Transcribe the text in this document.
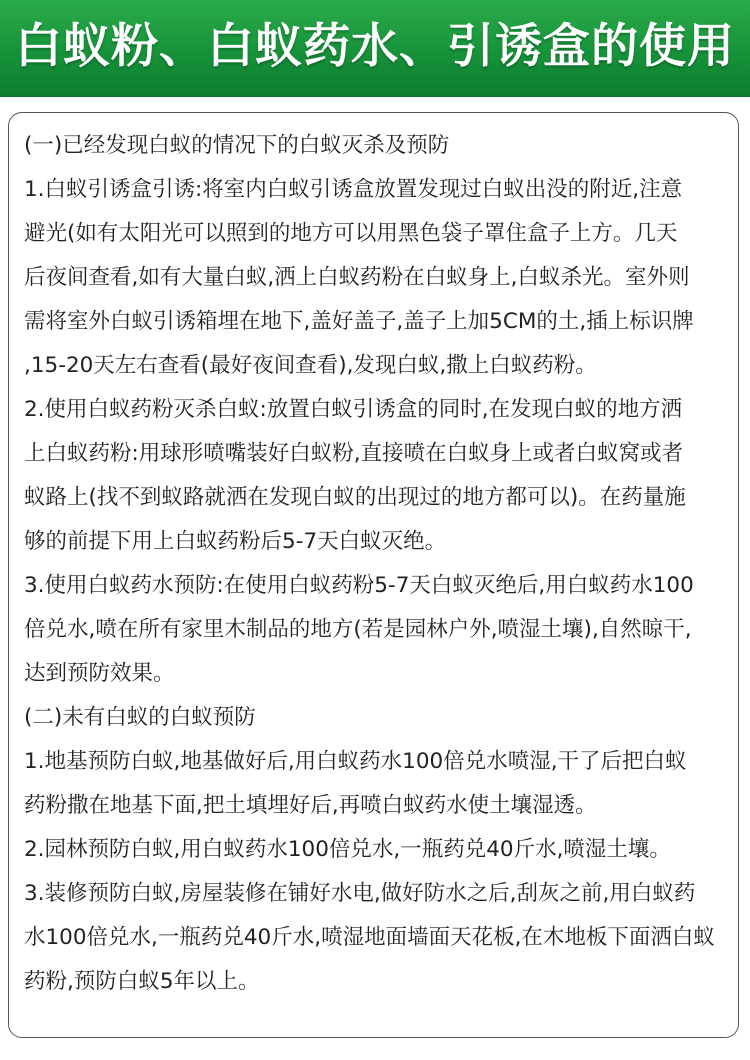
白蚁粉、白蚁药水、引诱盒的使用
(一)已经发现白蚁的情况下的白蚁灭杀及预防
1.白蚁引诱盒引诱:将室内白蚁引诱盒放置发现过白蚁出没的附近,注意
避光(如有太阳光可以照到的地方可以用黑色袋子罩住盒子上方。几天
后夜间查看,如有大量白蚁,洒上白蚁药粉在白蚁身上,白蚁杀光。室外则
需将室外白蚁引诱箱埋在地下,盖好盖子,盖子上加5CM的土,插上标识牌
,15-20天左右查看(最好夜间查看),发现白蚁,撒上白蚁药粉。
2.使用白蚁药粉灭杀白蚁:放置白蚁引诱盒的同时,在发现白蚁的地方洒
上白蚁药粉:用球形喷嘴装好白蚁粉,直接喷在白蚁身上或者白蚁窝或者
蚁路上(找不到蚁路就洒在发现白蚁的出现过的地方都可以)。在药量施
够的前提下用上白蚁药粉后5-7天白蚁灭绝。
3.使用白蚁药水预防:在使用白蚁药粉5-7天白蚁灭绝后,用白蚁药水100
倍兑水,喷在所有家里木制品的地方(若是园林户外,喷湿土壤),自然晾干,
达到预防效果。
(二)未有白蚁的白蚁预防
1.地基预防白蚁,地基做好后,用白蚁药水100倍兑水喷湿,干了后把白蚁
药粉撒在地基下面,把土填埋好后,再喷白蚁药水使土壤湿透。
2.园林预防白蚁,用白蚁药水100倍兑水,一瓶药兑40斤水,喷湿土壤。
3.装修预防白蚁,房屋装修在铺好水电,做好防水之后,刮灰之前,用白蚁药
水100倍兑水,一瓶药兑40斤水,喷湿地面墙面天花板,在木地板下面洒白蚁
药粉,预防白蚁5年以上。
